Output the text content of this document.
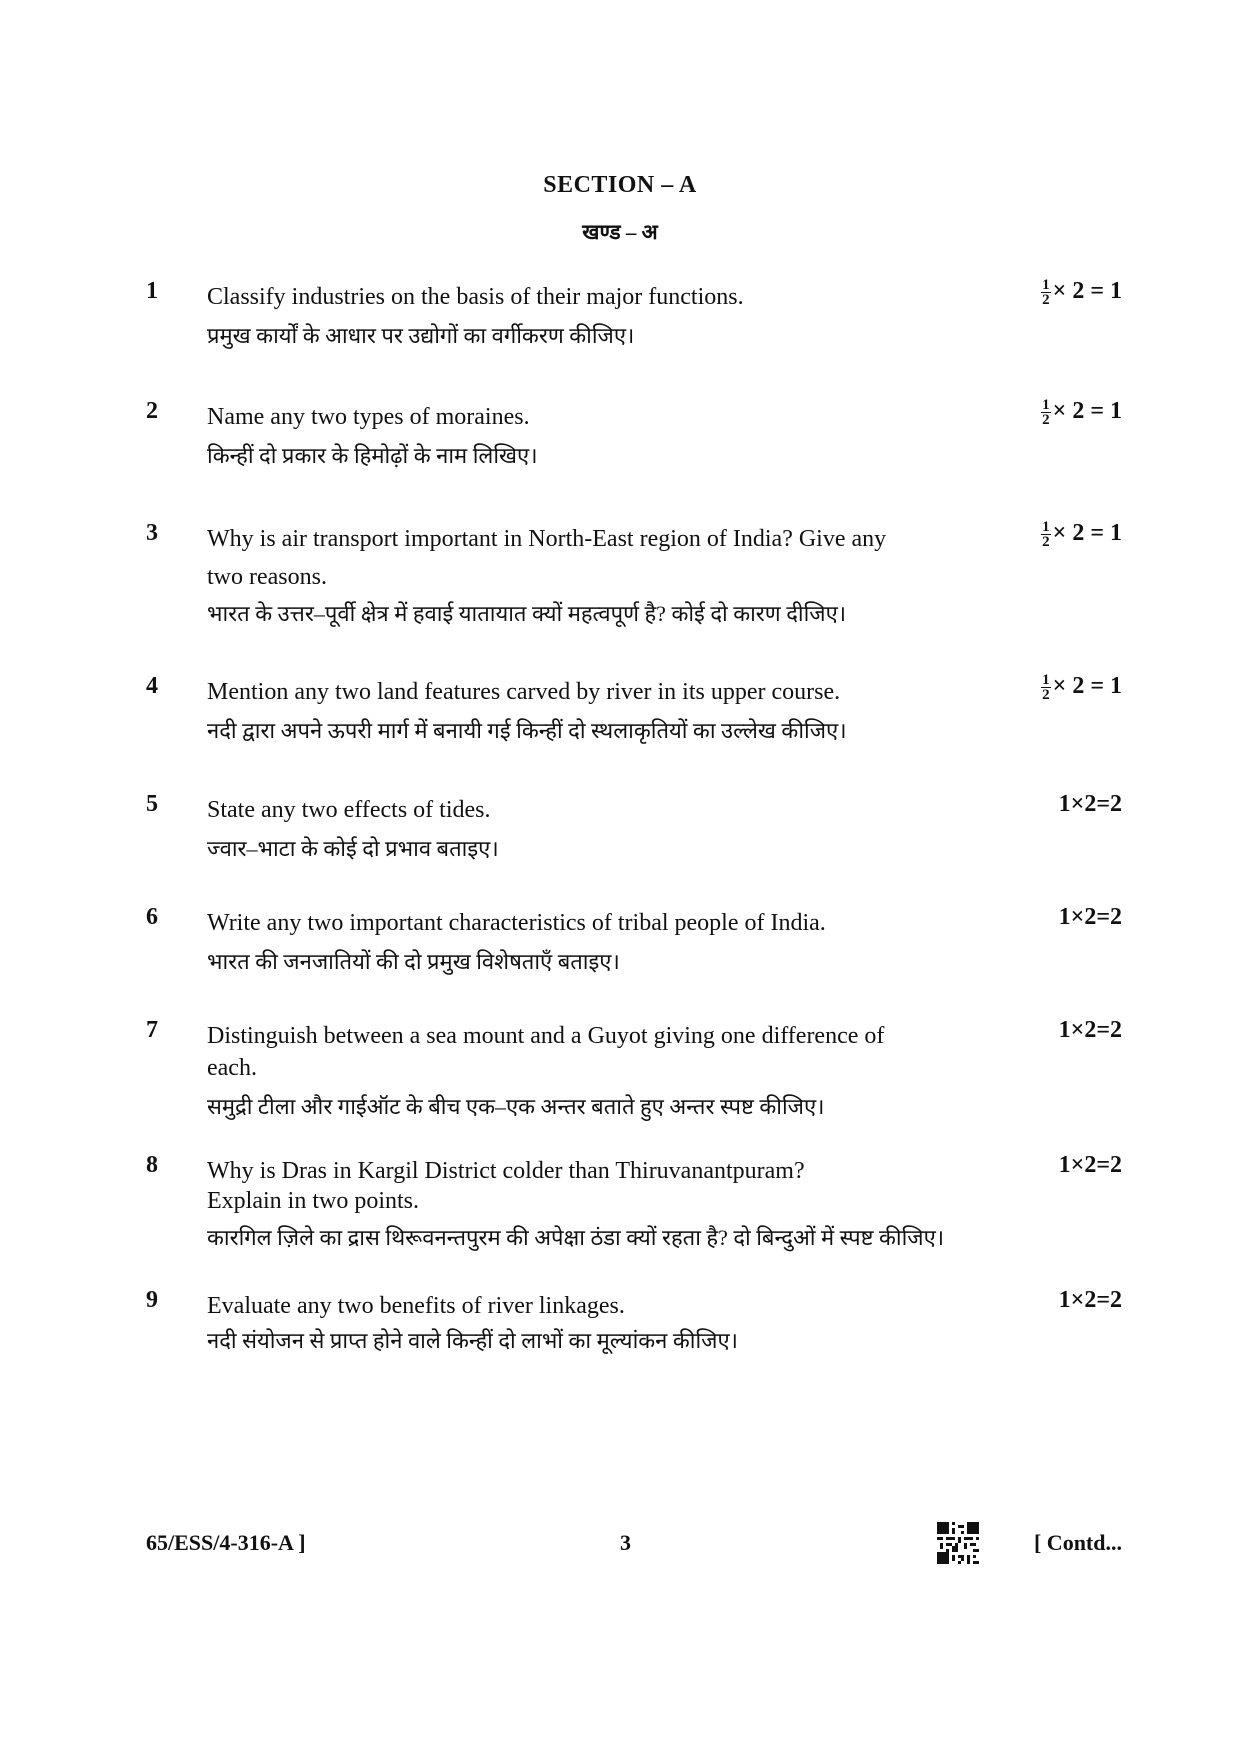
SECTION – A
खण्ड – अ
1 Classify industries on the basis of their major functions.
प्रमुख कार्यों के आधार पर उद्योगों का वर्गीकरण कीजिए।
$\frac{1}{2} \times 2 = 1$
2 Name any two types of moraines.
किन्हीं दो प्रकार के हिमोढ़ों के नाम लिखिए।
$\frac{1}{2} \times 2 = 1$
3 Why is air transport important in North-East region of India? Give any
two reasons.
भारत के उत्तर–पूर्वी क्षेत्र में हवाई यातायात क्यों महत्वपूर्ण है? कोई दो कारण दीजिए।
$\frac{1}{2} \times 2 = 1$
4 Mention any two land features carved by river in its upper course.
नदी द्वारा अपने ऊपरी मार्ग में बनायी गई किन्हीं दो स्थलाकृतियों का उल्लेख कीजिए।
$\frac{1}{2} \times 2 = 1$
5 State any two effects of tides.
ज्वार–भाटा के कोई दो प्रभाव बताइए।
1×2=2
6 Write any two important characteristics of tribal people of India.
भारत की जनजातियों की दो प्रमुख विशेषताएँ बताइए।
1×2=2
7 Distinguish between a sea mount and a Guyot giving one difference of
each.
समुद्री टीला और गाईऑट के बीच एक–एक अन्तर बताते हुए अन्तर स्पष्ट कीजिए।
1×2=2
8 Why is Dras in Kargil District colder than Thiruvanantpuram?
Explain in two points.
कारगिल ज़िले का द्रास थिरूवनन्तपुरम की अपेक्षा ठंडा क्यों रहता है? दो बिन्दुओं में स्पष्ट कीजिए।
1×2=2
9 Evaluate any two benefits of river linkages.
नदी संयोजन से प्राप्त होने वाले किन्हीं दो लाभों का मूल्यांकन कीजिए।
1×2=2
65/ESS/4-316-A ]	3	[ Contd...
